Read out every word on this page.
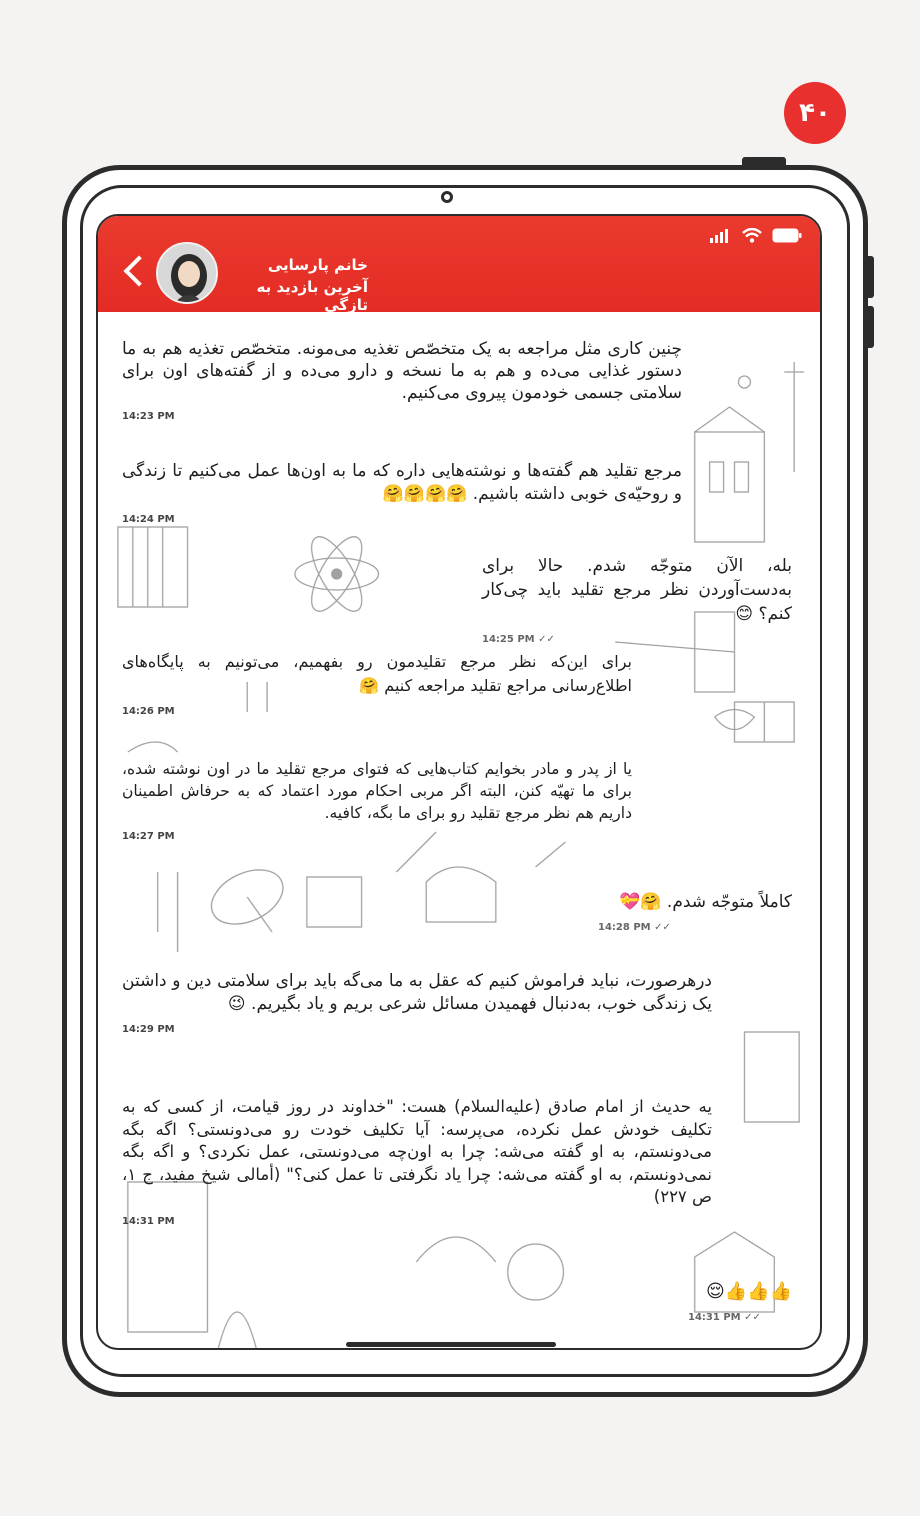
۴۰
خانم پارسایی
آخرین بازدید به تازگی
چنین کاری مثل مراجعه به یک متخصّص تغذیه می‌مونه. متخصّص تغذیه هم به ما دستور غذایی می‌ده و هم به ما نسخه و دارو می‌ده و از گفته‌های اون برای سلامتی جسمی خودمون پیروی می‌کنیم.
14:23 PM
مرجع تقلید هم گفته‌ها و نوشته‌هایی داره که ما به اون‌ها عمل می‌کنیم تا زندگی و روحیّه‌ی خوبی داشته باشیم. 🤗🤗🤗🤗
14:24 PM
بله، الآن متوجّه شدم. حالا برای به‌دست‌آوردن نظر مرجع تقلید باید چی‌کار کنم؟ 😊
14:25 PM ✓✓
برای این‌که نظر مرجع تقلیدمون رو بفهمیم، می‌تونیم به پایگاه‌های اطلاع‌رسانی مراجع تقلید مراجعه کنیم 🤗
14:26 PM
یا از پدر و مادر بخوایم کتاب‌هایی که فتوای مرجع تقلید ما در اون نوشته شده، برای ما تهیّه کنن، البته اگر مربی احکام مورد اعتماد که به حرفاش اطمینان داریم هم نظر مرجع تقلید رو برای ما بگه، کافیه.
14:27 PM
کاملاً متوجّه شدم. 🤗💝
14:28 PM ✓✓
درهرصورت، نباید فراموش کنیم که عقل به ما می‌گه باید برای سلامتی دین و داشتن یک زندگی خوب، به‌دنبال فهمیدن مسائل شرعی بریم و یاد بگیریم. 😉
14:29 PM
یه حدیث از امام صادق (علیه‌السلام) هست: "خداوند در روز قیامت، از کسی که به تکلیف خودش عمل نکرده، می‌پرسه: آیا تکلیف خودت رو می‌دونستی؟ اگه بگه می‌دونستم، به او گفته می‌شه: چرا به اون‌چه می‌دونستی، عمل نکردی؟ و اگه بگه نمی‌دونستم، به او گفته می‌شه: چرا یاد نگرفتی تا عمل کنی؟" (أمالی شیخ مفید، ج ۱، ص ۲۲۷)
14:31 PM
👍👍👍😌
14:31 PM ✓✓
